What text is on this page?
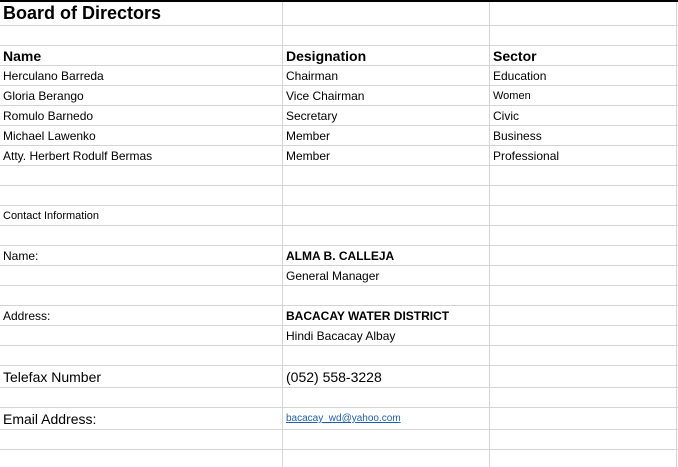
Board of Directors
Name	Designation	Sector
Herculano Barreda	Chairman	Education
Gloria Berango	Vice Chairman	Women
Romulo Barnedo	Secretary	Civic
Michael Lawenko	Member	Business
Atty. Herbert Rodulf Bermas	Member	Professional
Contact Information
Name:	ALMA B. CALLEJA
General Manager
Address:	BACACAY WATER DISTRICT
Hindi Bacacay Albay
Telefax Number	(052) 558-3228
Email Address:	bacacay_wd@yahoo.com
